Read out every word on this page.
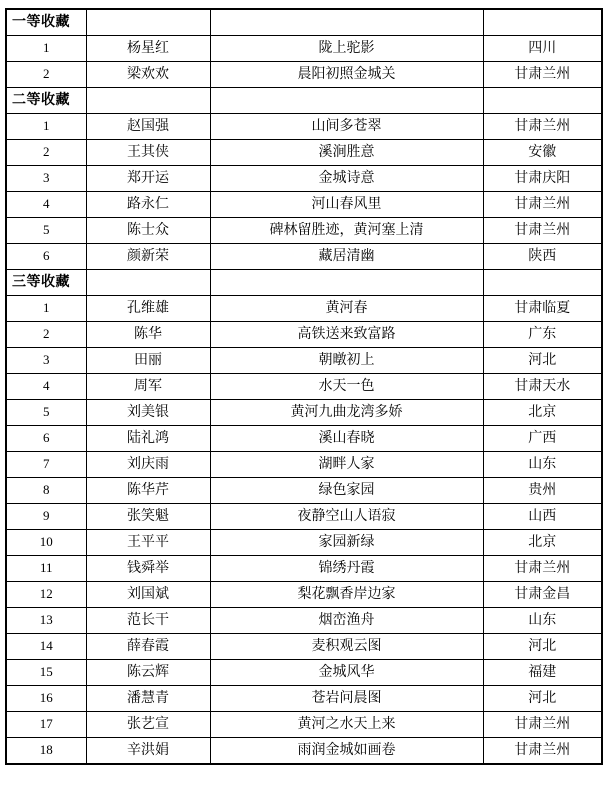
一等收藏			
1	杨星红	陇上驼影	四川
2	梁欢欢	晨阳初照金城关	甘肃兰州
二等收藏			
1	赵国强	山间多苍翠	甘肃兰州
2	王其侠	溪涧胜意	安徽
3	郑开运	金城诗意	甘肃庆阳
4	路永仁	河山春风里	甘肃兰州
5	陈士众	碑林留胜迹，黄河塞上清	甘肃兰州
6	颜新荣	藏居清幽	陕西
三等收藏			
1	孔维雄	黄河春	甘肃临夏
2	陈华	高铁送来致富路	广东
3	田丽	朝暾初上	河北
4	周军	水天一色	甘肃天水
5	刘美银	黄河九曲龙湾多娇	北京
6	陆礼鸿	溪山春晓	广西
7	刘庆雨	湖畔人家	山东
8	陈华芹	绿色家园	贵州
9	张笑魁	夜静空山人语寂	山西
10	王平平	家园新绿	北京
11	钱舜举	锦绣丹霞	甘肃兰州
12	刘国斌	梨花飘香岸边家	甘肃金昌
13	范长干	烟峦渔舟	山东
14	薛春霞	麦积观云图	河北
15	陈云辉	金城风华	福建
16	潘慧青	苍岩问晨图	河北
17	张艺宣	黄河之水天上来	甘肃兰州
18	辛洪娟	雨润金城如画卷	甘肃兰州
